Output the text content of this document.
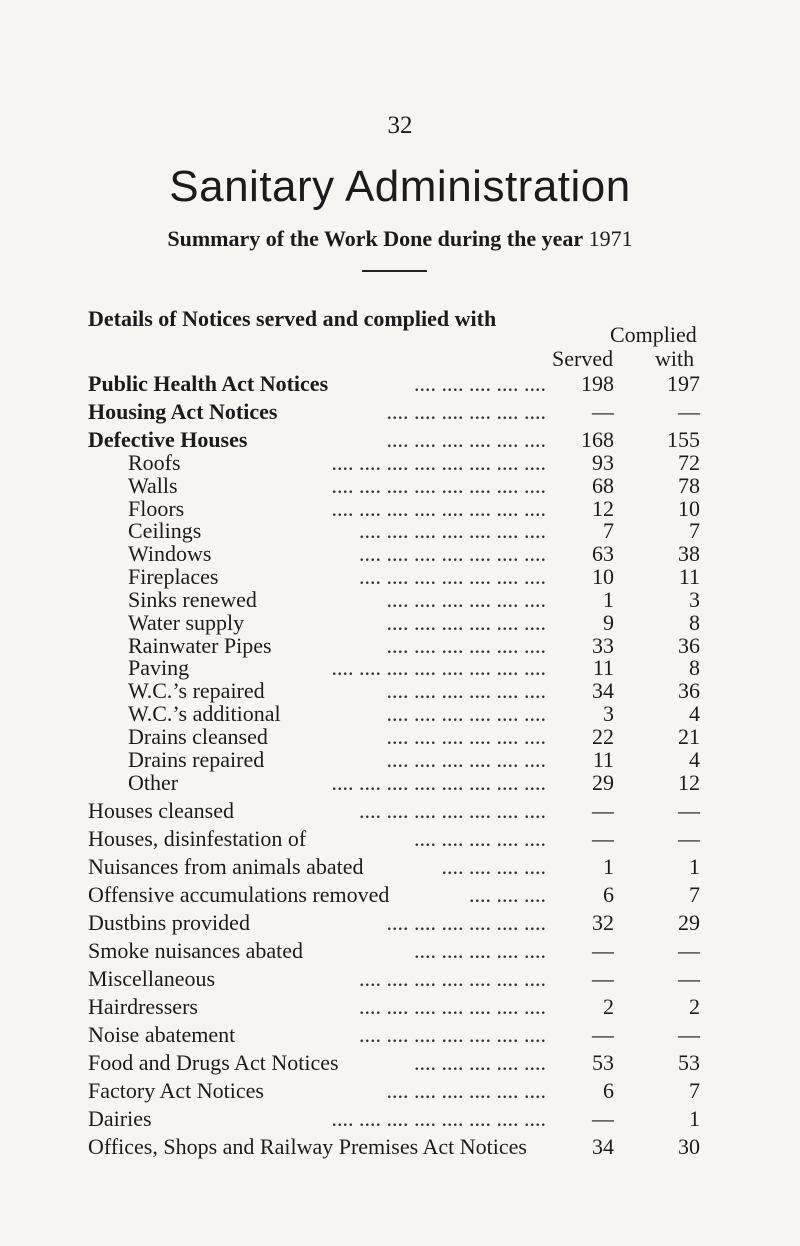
32
Sanitary Administration
Summary of the Work Done during the year 1971
Details of Notices served and complied with
Complied
Served with
Public Health Act Notices	198	197
.... .... .... .... ....
Housing Act Notices	—	—
.... .... .... .... .... ....
Defective Houses	168	155
.... .... .... .... .... ....
Roofs	93	72
.... .... .... .... .... .... .... ....
Walls	68	78
.... .... .... .... .... .... .... ....
Floors	12	10
.... .... .... .... .... .... .... ....
Ceilings	7	7
.... .... .... .... .... .... ....
Windows	63	38
.... .... .... .... .... .... ....
Fireplaces	10	11
.... .... .... .... .... .... ....
Sinks renewed	1	3
.... .... .... .... .... ....
Water supply	9	8
.... .... .... .... .... ....
Rainwater Pipes	33	36
.... .... .... .... .... ....
Paving	11	8
.... .... .... .... .... .... .... ....
W.C.’s repaired	34	36
.... .... .... .... .... ....
W.C.’s additional	3	4
.... .... .... .... .... ....
Drains cleansed	22	21
.... .... .... .... .... ....
Drains repaired	11	4
.... .... .... .... .... ....
Other	29	12
.... .... .... .... .... .... .... ....
Houses cleansed	—	—
.... .... .... .... .... .... ....
Houses, disinfestation of	—	—
.... .... .... .... ....
Nuisances from animals abated	1	1
.... .... .... ....
Offensive accumulations removed	6	7
.... .... ....
Dustbins provided	32	29
.... .... .... .... .... ....
Smoke nuisances abated	—	—
.... .... .... .... ....
Miscellaneous	—	—
.... .... .... .... .... .... ....
Hairdressers	2	2
.... .... .... .... .... .... ....
Noise abatement	—	—
.... .... .... .... .... .... ....
Food and Drugs Act Notices	53	53
.... .... .... .... ....
Factory Act Notices	6	7
.... .... .... .... .... ....
Dairies	—	1
.... .... .... .... .... .... .... ....
Offices, Shops and Railway Premises Act Notices	34	30
